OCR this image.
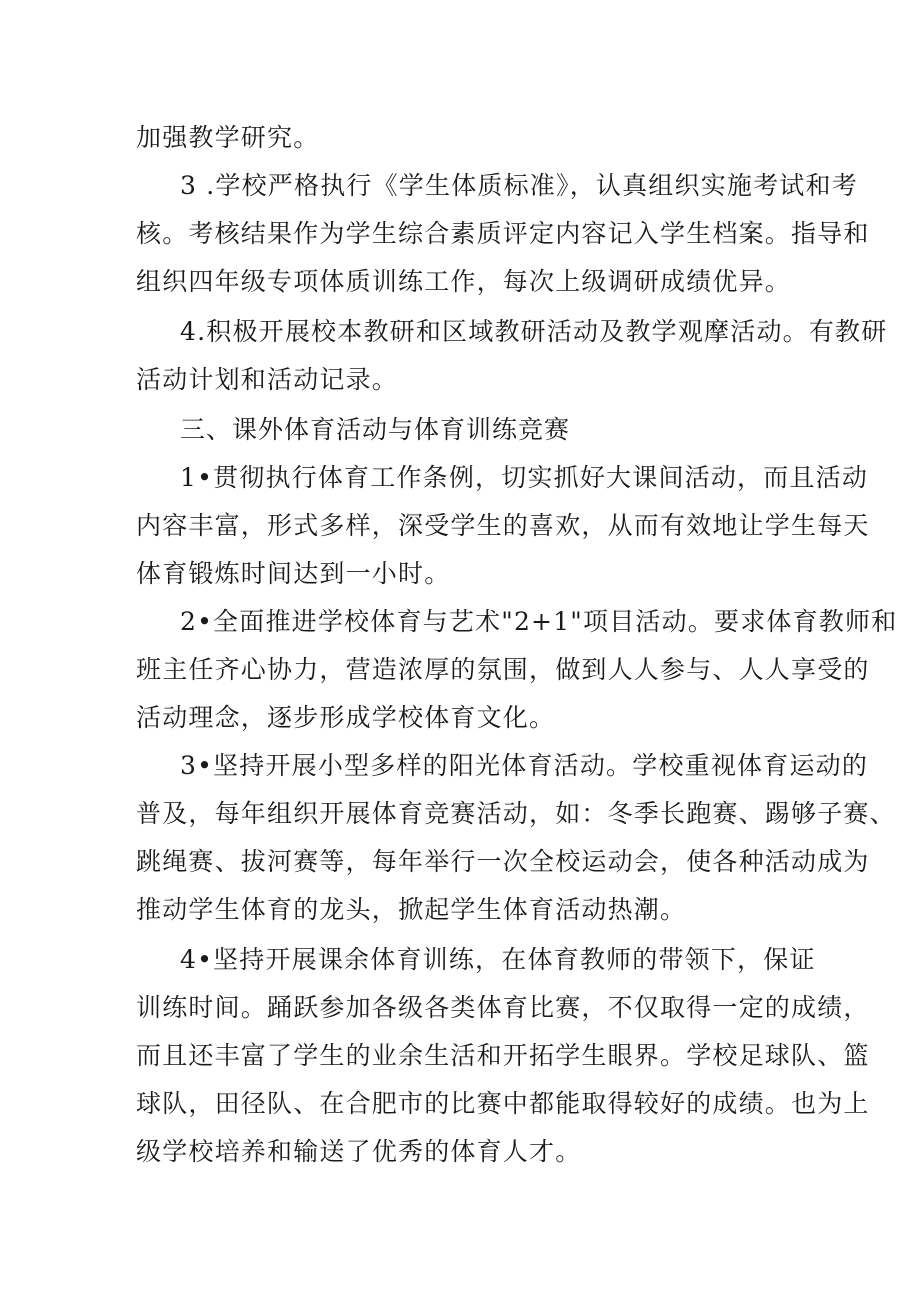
加强教学研究。
3 .学校严格执行《学生体质标准》，认真组织实施考试和考
核。考核结果作为学生综合素质评定内容记入学生档案。指导和
组织四年级专项体质训练工作，每次上级调研成绩优异。
4.积极开展校本教研和区域教研活动及教学观摩活动。有教研
活动计划和活动记录。
三、课外体育活动与体育训练竞赛
1•贯彻执行体育工作条例，切实抓好大课间活动，而且活动
内容丰富，形式多样，深受学生的喜欢，从而有效地让学生每天
体育锻炼时间达到一小时。
2•全面推进学校体育与艺术"2+1"项目活动。要求体育教师和
班主任齐心协力，营造浓厚的氛围，做到人人参与、人人享受的
活动理念，逐步形成学校体育文化。
3•坚持开展小型多样的阳光体育活动。学校重视体育运动的
普及，每年组织开展体育竞赛活动，如：冬季长跑赛、踢够子赛、
跳绳赛、拔河赛等，每年举行一次全校运动会，使各种活动成为
推动学生体育的龙头，掀起学生体育活动热潮。
4•坚持开展课余体育训练，在体育教师的带领下，保证
训练时间。踊跃参加各级各类体育比赛，不仅取得一定的成绩，
而且还丰富了学生的业余生活和开拓学生眼界。学校足球队、篮
球队，田径队、在合肥市的比赛中都能取得较好的成绩。也为上
级学校培养和输送了优秀的体育人才。
